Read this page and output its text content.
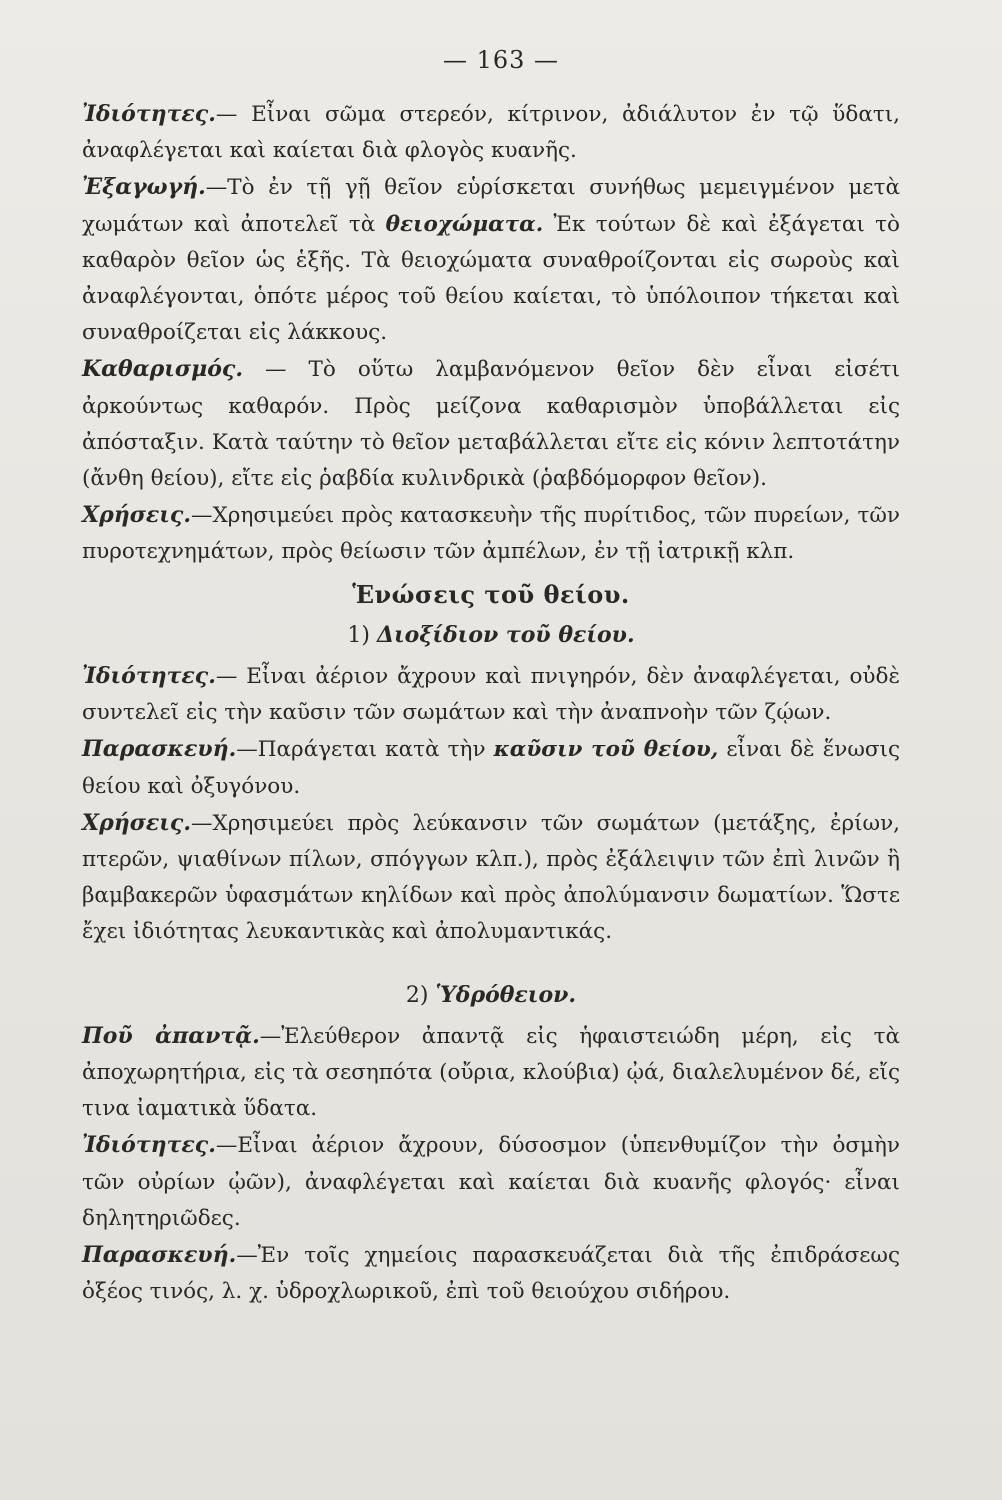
— 163 —

Ἰδιότητες.— Εἶναι σῶμα στερεόν, κίτρινον, ἀδιάλυτον ἐν τῷ ὕδατι, ἀναφλέγεται καὶ καίεται διὰ φλογὸς κυανῆς.

Ἐξαγωγή.—Τὸ ἐν τῇ γῇ θεῖον εὑρίσκεται συνήθως μεμειγμένον μετὰ χωμάτων καὶ ἀποτελεῖ τὰ θειοχώματα. Ἐκ τούτων δὲ καὶ ἐξάγεται τὸ καθαρὸν θεῖον ὡς ἑξῆς. Τὰ θειοχώματα συναθροίζονται εἰς σωροὺς καὶ ἀναφλέγονται, ὁπότε μέρος τοῦ θείου καίεται, τὸ ὑπόλοιπον τήκεται καὶ συναθροίζεται εἰς λάκκους.

Καθαρισμός. — Τὸ οὕτω λαμβανόμενον θεῖον δὲν εἶναι εἰσέτι ἀρκούντως καθαρόν. Πρὸς μείζονα καθαρισμὸν ὑποβάλλεται εἰς ἀπόσταξιν. Κατὰ ταύτην τὸ θεῖον μεταβάλλεται εἴτε εἰς κόνιν λεπτοτάτην (ἄνθη θείου), εἴτε εἰς ῥαβδία κυλινδρικὰ (ῥαβδόμορφον θεῖον).

Χρήσεις.—Χρησιμεύει πρὸς κατασκευὴν τῆς πυρίτιδος, τῶν πυρείων, τῶν πυροτεχνημάτων, πρὸς θείωσιν τῶν ἀμπέλων, ἐν τῇ ἰατρικῇ κλπ.

Ἑνώσεις τοῦ θείου.
1) Διοξίδιον τοῦ θείου.

Ἰδιότητες.— Εἶναι ἀέριον ἄχρουν καὶ πνιγηρόν, δὲν ἀναφλέγεται, οὐδὲ συντελεῖ εἰς τὴν καῦσιν τῶν σωμάτων καὶ τὴν ἀναπνοὴν τῶν ζῴων.

Παρασκευή.—Παράγεται κατὰ τὴν καῦσιν τοῦ θείου, εἶναι δὲ ἕνωσις θείου καὶ ὀξυγόνου.

Χρήσεις.—Χρησιμεύει πρὸς λεύκανσιν τῶν σωμάτων (μετάξης, ἐρίων, πτερῶν, ψιαθίνων πίλων, σπόγγων κλπ.), πρὸς ἐξάλειψιν τῶν ἐπὶ λινῶν ἢ βαμβακερῶν ὑφασμάτων κηλίδων καὶ πρὸς ἀπολύμανσιν δωματίων. Ὥστε ἔχει ἰδιότητας λευκαντικὰς καὶ ἀπολυμαντικάς.

2) Ὑδρόθειον.

Ποῦ ἀπαντᾷ.—Ἐλεύθερον ἀπαντᾷ εἰς ἡφαιστειώδη μέρη, εἰς τὰ ἀποχωρητήρια, εἰς τὰ σεσηπότα (οὔρια, κλούβια) ᾠά, διαλελυμένον δέ, εἴς τινα ἰαματικὰ ὕδατα.

Ἰδιότητες.—Εἶναι ἀέριον ἄχρουν, δύσοσμον (ὑπενθυμίζον τὴν ὀσμὴν τῶν οὐρίων ᾠῶν), ἀναφλέγεται καὶ καίεται διὰ κυανῆς φλογός· εἶναι δηλητηριῶδες.

Παρασκευή.—Ἐν τοῖς χημείοις παρασκευάζεται διὰ τῆς ἐπιδράσεως ὀξέος τινός, λ. χ. ὑδροχλωρικοῦ, ἐπὶ τοῦ θειούχου σιδήρου.
